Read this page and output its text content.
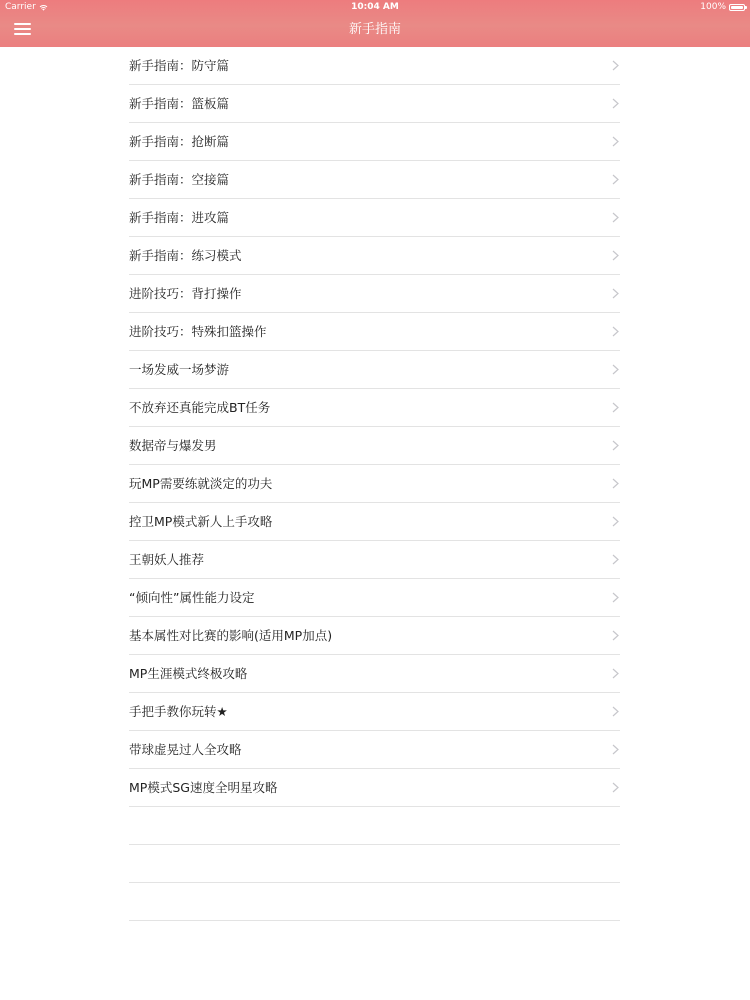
Carrier	10:04 AM	100%
新手指南
新手指南：防守篇
新手指南：篮板篇
新手指南：抢断篇
新手指南：空接篇
新手指南：进攻篇
新手指南：练习模式
进阶技巧：背打操作
进阶技巧：特殊扣篮操作
一场发威一场梦游
不放弃还真能完成BT任务
数据帝与爆发男
玩MP需要练就淡定的功夫
控卫MP模式新人上手攻略
王朝妖人推荐
“倾向性”属性能力设定
基本属性对比赛的影响(适用MP加点)
MP生涯模式终极攻略
手把手教你玩转★
带球虚晃过人全攻略
MP模式SG速度全明星攻略
